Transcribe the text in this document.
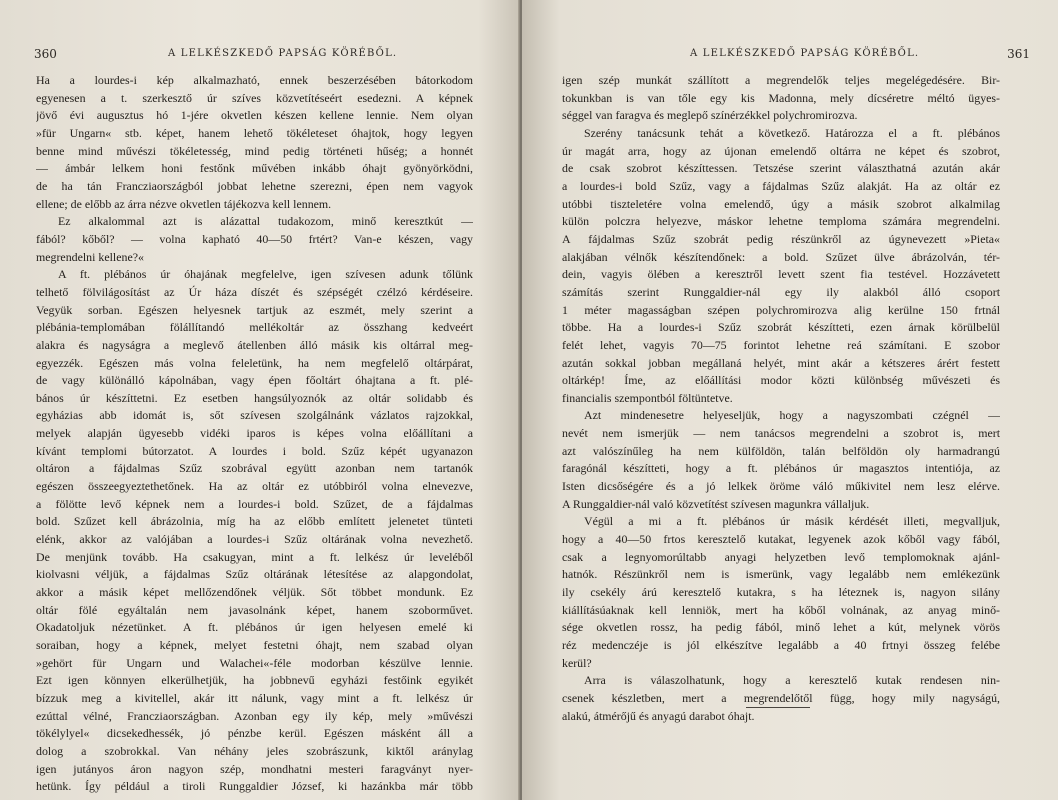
360	A LELKÉSZKEDŐ PAPSÁG KÖRÉBŐL.
Ha a lourdes-i kép alkalmazható, ennek beszerzésében bátorkodom
egyenesen a t. szerkesztő úr szíves közvetítéseért esedezni. A képnek
jövő évi augusztus hó 1-jére okvetlen készen kellene lennie. Nem olyan
»für Ungarn« stb. képet, hanem lehető tökéleteset óhajtok, hogy legyen
benne mind művészi tökéletesség, mind pedig történeti hűség; a honnét
— ámbár lelkem honi festőnk művében inkább óhajt gyönyörködni,
de ha tán Francziaországból jobbat lehetne szerezni, épen nem vagyok
ellene; de előbb az árra nézve okvetlen tájékozva kell lennem.
Ez alkalommal azt is alázattal tudakozom, minő keresztkút —
fából? kőből? — volna kapható 40—50 frtért? Van-e készen, vagy
megrendelni kellene?«
A ft. plébános úr óhajának megfelelve, igen szívesen adunk tőlünk
telhető fölvilágosítást az Úr háza díszét és szépségét czélzó kérdéseire.
Vegyük sorban. Egészen helyesnek tartjuk az eszmét, mely szerint a
plébánia-templomában fölállítandó mellékoltár az összhang kedveért
alakra és nagyságra a meglevő átellenben álló másik kis oltárral meg-
egyezzék. Egészen más volna feleletünk, ha nem megfelelő oltárpárat,
de vagy különálló kápolnában, vagy épen főoltárt óhajtana a ft. plé-
bános úr készíttetni. Ez esetben hangsúlyoznók az oltár solidabb és
egyházias abb idomát is, sőt szívesen szolgálnánk vázlatos rajzokkal,
melyek alapján ügyesebb vidéki iparos is képes volna előállítani a
kívánt templomi bútorzatot. A lourdes i bold. Szűz képét ugyanazon
oltáron a fájdalmas Szűz szobrával együtt azonban nem tartanók
egészen összeegyeztethetőnek. Ha az oltár ez utóbbiról volna elnevezve,
a fölötte levő képnek nem a lourdes-i bold. Szűzet, de a fájdalmas
bold. Szűzet kell ábrázolnia, míg ha az előbb említett jelenetet tünteti
elénk, akkor az valójában a lourdes-i Szűz oltárának volna nevezhető.
De menjünk tovább. Ha csakugyan, mint a ft. lelkész úr leveléből
kiolvasni véljük, a fájdalmas Szűz oltárának létesítése az alapgondolat,
akkor a másik képet mellőzendőnek véljük. Sőt többet mondunk. Ez
oltár fölé egyáltalán nem javasolnánk képet, hanem szoborművet.
Okadatoljuk nézetünket. A ft. plébános úr igen helyesen emelé ki
soraiban, hogy a képnek, melyet festetni óhajt, nem szabad olyan
»gehört für Ungarn und Walachei«-féle modorban készülve lennie.
Ezt igen könnyen elkerülhetjük, ha jobbnevű egyházi festőink egyikét
bízzuk meg a kivitellel, akár itt nálunk, vagy mint a ft. lelkész úr
ezúttal vélné, Francziaországban. Azonban egy ily kép, mely »művészi
tökélylyel« dicsekedhessék, jó pénzbe kerül. Egészen másként áll a
dolog a szobrokkal. Van néhány jeles szobrászunk, kiktől aránylag
igen jutányos áron nagyon szép, mondhatni mesteri faragványt nyer-
hetünk. Így például a tiroli Runggaldier József, ki hazánkba már több
A LELKÉSZKEDŐ PAPSÁG KÖRÉBŐL.	361
igen szép munkát szállított a megrendelők teljes megelégedésére. Bir-
tokunkban is van tőle egy kis Madonna, mely dícséretre méltó ügyes-
séggel van faragva és meglepő színérzékkel polychromirozva.
Szerény tanácsunk tehát a következő. Határozza el a ft. plébános
úr magát arra, hogy az újonan emelendő oltárra ne képet és szobrot,
de csak szobrot készíttessen. Tetszése szerint választhatná azután akár
a lourdes-i bold Szűz, vagy a fájdalmas Szűz alakját. Ha az oltár ez
utóbbi tiszteletére volna emelendő, úgy a másik szobrot alkalmilag
külön polczra helyezve, máskor lehetne temploma számára megrendelni.
A fájdalmas Szűz szobrát pedig részünkről az úgynevezett »Pieta«
alakjában vélnők készítendőnek: a bold. Szűzet ülve ábrázolván, tér-
dein, vagyis ölében a keresztről levett szent fia testével. Hozzávetett
számítás szerint Runggaldier-nál egy ily alakból álló csoport
1 méter magasságban szépen polychromirozva alig kerülne 150 frtnál
többe. Ha a lourdes-i Szűz szobrát készítteti, ezen árnak körülbelül
felét lehet, vagyis 70—75 forintot lehetne reá számítani. E szobor
azután sokkal jobban megállaná helyét, mint akár a kétszeres árért festett
oltárkép! Íme, az előállítási modor közti különbség művészeti és
financialis szempontból föltüntetve.
Azt mindenesetre helyeseljük, hogy a nagyszombati czégnél —
nevét nem ismerjük — nem tanácsos megrendelni a szobrot is, mert
azt valószínűleg ha nem külföldön, talán belföldön oly harmadrangú
faragónál készítteti, hogy a ft. plébános úr magasztos intentiója, az
Isten dicsőségére és a jó lelkek öröme váló műkivitel nem lesz elérve.
A Runggaldier-nál való közvetítést szívesen magunkra vállaljuk.
Végül a mi a ft. plébános úr másik kérdését illeti, megvalljuk,
hogy a 40—50 frtos keresztelő kutakat, legyenek azok kőből vagy fából,
csak a legnyomorúltabb anyagi helyzetben levő templomoknak ajánl-
hatnók. Részünkről nem is ismerünk, vagy legalább nem emlékezünk
ily csekély árú keresztelő kutakra, s ha léteznek is, nagyon silány
kiállításúaknak kell lenniök, mert ha kőből volnának, az anyag minő-
sége okvetlen rossz, ha pedig fából, minő lehet a kút, melynek vörös
réz medenczéje is jól elkészítve legalább a 40 frtnyi összeg felébe
kerül?
Arra is válaszolhatunk, hogy a keresztelő kutak rendesen nin-
csenek készletben, mert a megrendelőtől függ, hogy mily nagyságú,
alakú, átmérőjű és anyagú darabot óhajt.
